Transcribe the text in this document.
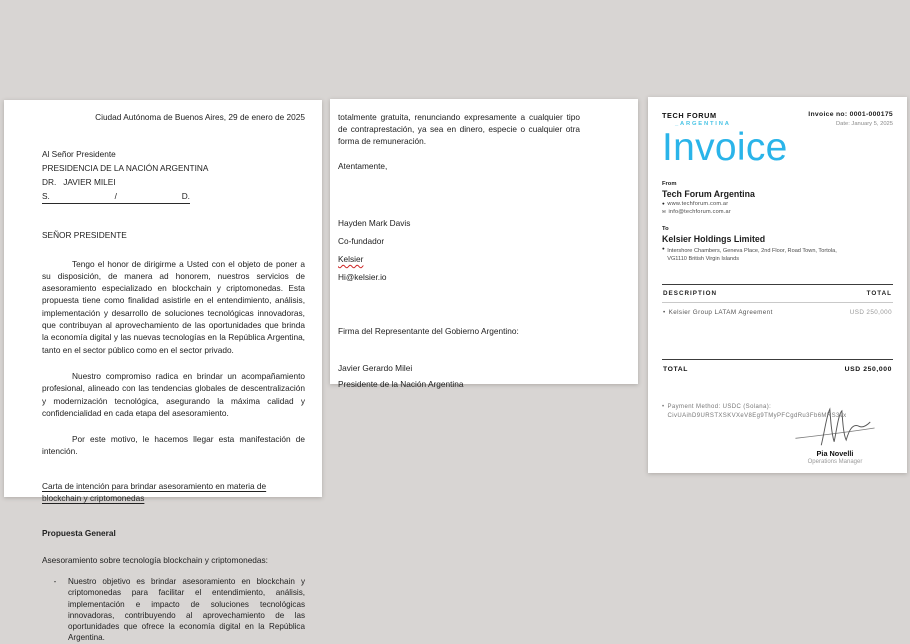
Ciudad Autónoma de Buenos Aires, 29 de enero de 2025
Al Señor Presidente
PRESIDENCIA DE LA NACIÓN ARGENTINA
DR.   JAVIER MILEI
S.	/	D.
SEÑOR PRESIDENTE

Tengo el honor de dirigirme a Usted con el objeto de poner a su disposición, de manera ad honorem, nuestros servicios de asesoramiento especializado en blockchain y criptomonedas. Esta propuesta tiene como finalidad asistirle en el entendimiento, análisis, implementación y desarrollo de soluciones tecnológicas innovadoras, que contribuyan al aprovechamiento de las oportunidades que brinda la economía digital y las nuevas tecnologías en la República Argentina, tanto en el sector público como en el sector privado.

Nuestro compromiso radica en brindar un acompañamiento profesional, alineado con las tendencias globales de descentralización y modernización tecnológica, asegurando la máxima calidad y confidencialidad en cada etapa del asesoramiento.

Por este motivo, le hacemos llegar esta manifestación de intención.

Carta de intención para brindar asesoramiento en materia de blockchain y criptomonedas
Propuesta General
Asesoramiento sobre tecnología blockchain y criptomonedas:
-	Nuestro objetivo es brindar asesoramiento en blockchain y criptomonedas para facilitar el entendimiento, análisis, implementación e impacto de soluciones tecnológicas innovadoras, contribuyendo al aprovechamiento de las oportunidades que ofrece la economía digital en la República Argentina.

totalmente gratuita, renunciando expresamente a cualquier tipo de contraprestación, ya sea en dinero, especie o cualquier otra forma de remuneración.

Atentamente,
Hayden Mark Davis
Co-fundador
Kelsier
Hi@kelsier.io
Firma del Representante del Gobierno Argentino:
Javier Gerardo Milei
Presidente de la Nación Argentina
TECH FORUM
_ARGENTINA
Invoice no: 0001-000175
Date: January 5, 2025
Invoice
From
Tech Forum Argentina
● www.techforum.com.ar
✉ info@techforum.com.ar
To
Kelsier Holdings Limited
● Intershore Chambers, Geneva Place, 2nd Floor, Road Town, Tortola, VG1110 British Virgin Islands
DESCRIPTION	TOTAL
• Kelsier Group LATAM Agreement	USD 250,000
TOTAL	USD 250,000
• Payment Method: USDC (Solana):
CivUAihD9URSTXSKVXeV8Eg9TMyPFCgdRu3Fb6MRS3vx
Pia Novelli
Operations Manager
